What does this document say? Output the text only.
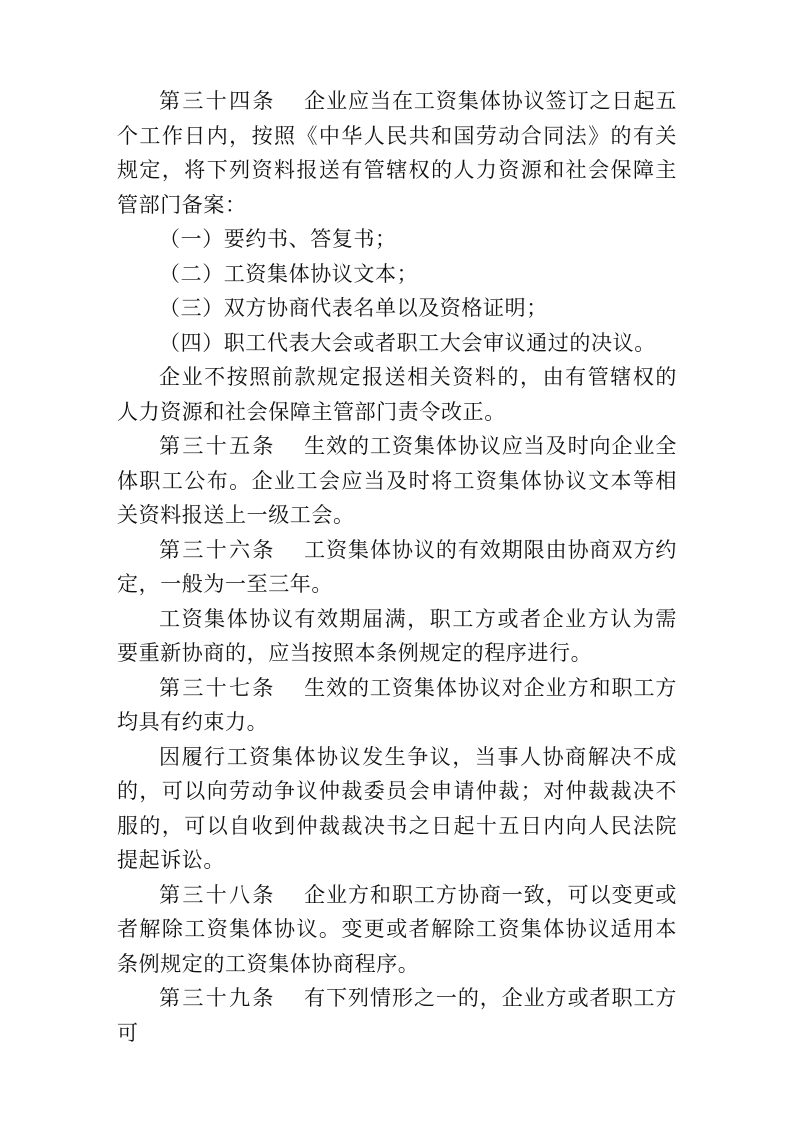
第三十四条 企业应当在工资集体协议签订之日起五个工作日内，按照《中华人民共和国劳动合同法》的有关规定，将下列资料报送有管辖权的人力资源和社会保障主管部门备案：

（一）要约书、答复书；

（二）工资集体协议文本；

（三）双方协商代表名单以及资格证明；

（四）职工代表大会或者职工大会审议通过的决议。

企业不按照前款规定报送相关资料的，由有管辖权的人力资源和社会保障主管部门责令改正。

第三十五条 生效的工资集体协议应当及时向企业全体职工公布。企业工会应当及时将工资集体协议文本等相关资料报送上一级工会。

第三十六条 工资集体协议的有效期限由协商双方约定，一般为一至三年。

工资集体协议有效期届满，职工方或者企业方认为需要重新协商的，应当按照本条例规定的程序进行。

第三十七条 生效的工资集体协议对企业方和职工方均具有约束力。

因履行工资集体协议发生争议，当事人协商解决不成的，可以向劳动争议仲裁委员会申请仲裁；对仲裁裁决不服的，可以自收到仲裁裁决书之日起十五日内向人民法院提起诉讼。

第三十八条 企业方和职工方协商一致，可以变更或者解除工资集体协议。变更或者解除工资集体协议适用本条例规定的工资集体协商程序。

第三十九条 有下列情形之一的，企业方或者职工方可
